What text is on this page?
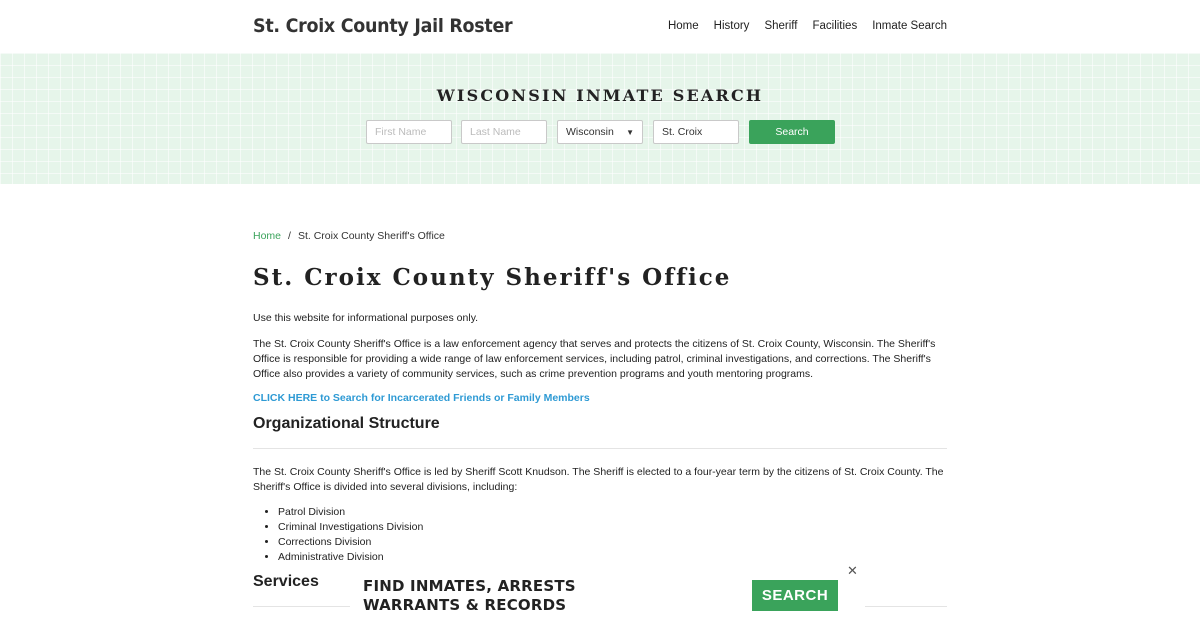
St. Croix County Jail Roster	Home History Sheriff Facilities Inmate Search
WISCONSIN INMATE SEARCH
First Name
Last Name
Wisconsin ▼
St. Croix	Search
Home / St. Croix County Sheriff's Office
St. Croix County Sheriff's Office

Use this website for informational purposes only.

The St. Croix County Sheriff's Office is a law enforcement agency that serves and protects the citizens of St. Croix County, Wisconsin. The Sheriff's Office is responsible for providing a wide range of law enforcement services, including patrol, criminal investigations, and corrections. The Sheriff's Office also provides a variety of community services, such as crime prevention programs and youth mentoring programs.

CLICK HERE to Search for Incarcerated Friends or Family Members
Organizational Structure

The St. Croix County Sheriff's Office is led by Sheriff Scott Knudson. The Sheriff is elected to a four-year term by the citizens of St. Croix County. The Sheriff's Office is divided into several divisions, including:

• Patrol Division
• Criminal Investigations Division
• Corrections Division
• Administrative Division
Services	FIND INMATES, ARRESTS
WARRANTS & RECORDS
SEARCH
✕
